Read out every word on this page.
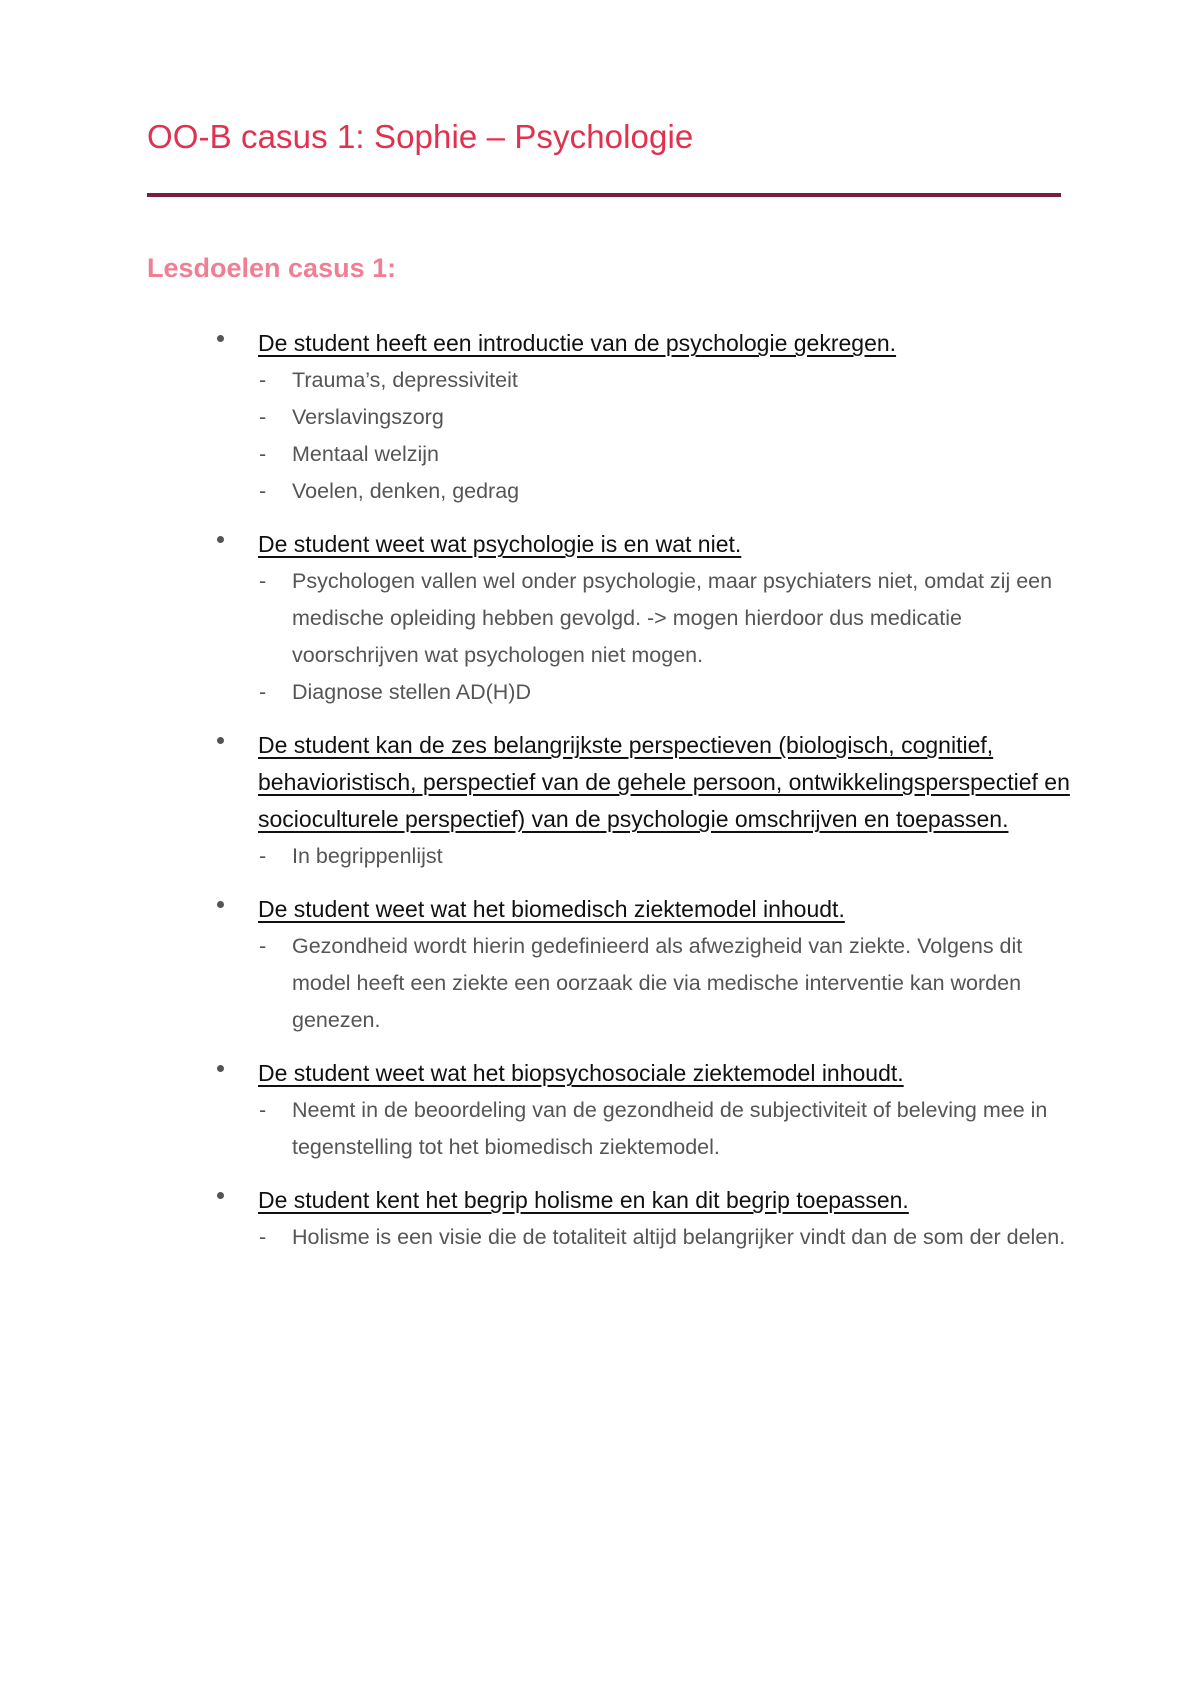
OO-B casus 1: Sophie – Psychologie
Lesdoelen casus 1:
De student heeft een introductie van de psychologie gekregen.
- Trauma’s, depressiviteit
- Verslavingszorg
- Mentaal welzijn
- Voelen, denken, gedrag
De student weet wat psychologie is en wat niet.
- Psychologen vallen wel onder psychologie, maar psychiaters niet, omdat zij een medische opleiding hebben gevolgd. -> mogen hierdoor dus medicatie voorschrijven wat psychologen niet mogen.
- Diagnose stellen AD(H)D
De student kan de zes belangrijkste perspectieven (biologisch, cognitief, behavioristisch, perspectief van de gehele persoon, ontwikkelingsperspectief en socioculturele perspectief) van de psychologie omschrijven en toepassen.
- In begrippenlijst
De student weet wat het biomedisch ziektemodel inhoudt.
- Gezondheid wordt hierin gedefinieerd als afwezigheid van ziekte. Volgens dit model heeft een ziekte een oorzaak die via medische interventie kan worden genezen.
De student weet wat het biopsychosociale ziektemodel inhoudt.
- Neemt in de beoordeling van de gezondheid de subjectiviteit of beleving mee in tegenstelling tot het biomedisch ziektemodel.
De student kent het begrip holisme en kan dit begrip toepassen.
- Holisme is een visie die de totaliteit altijd belangrijker vindt dan de som der delen.
